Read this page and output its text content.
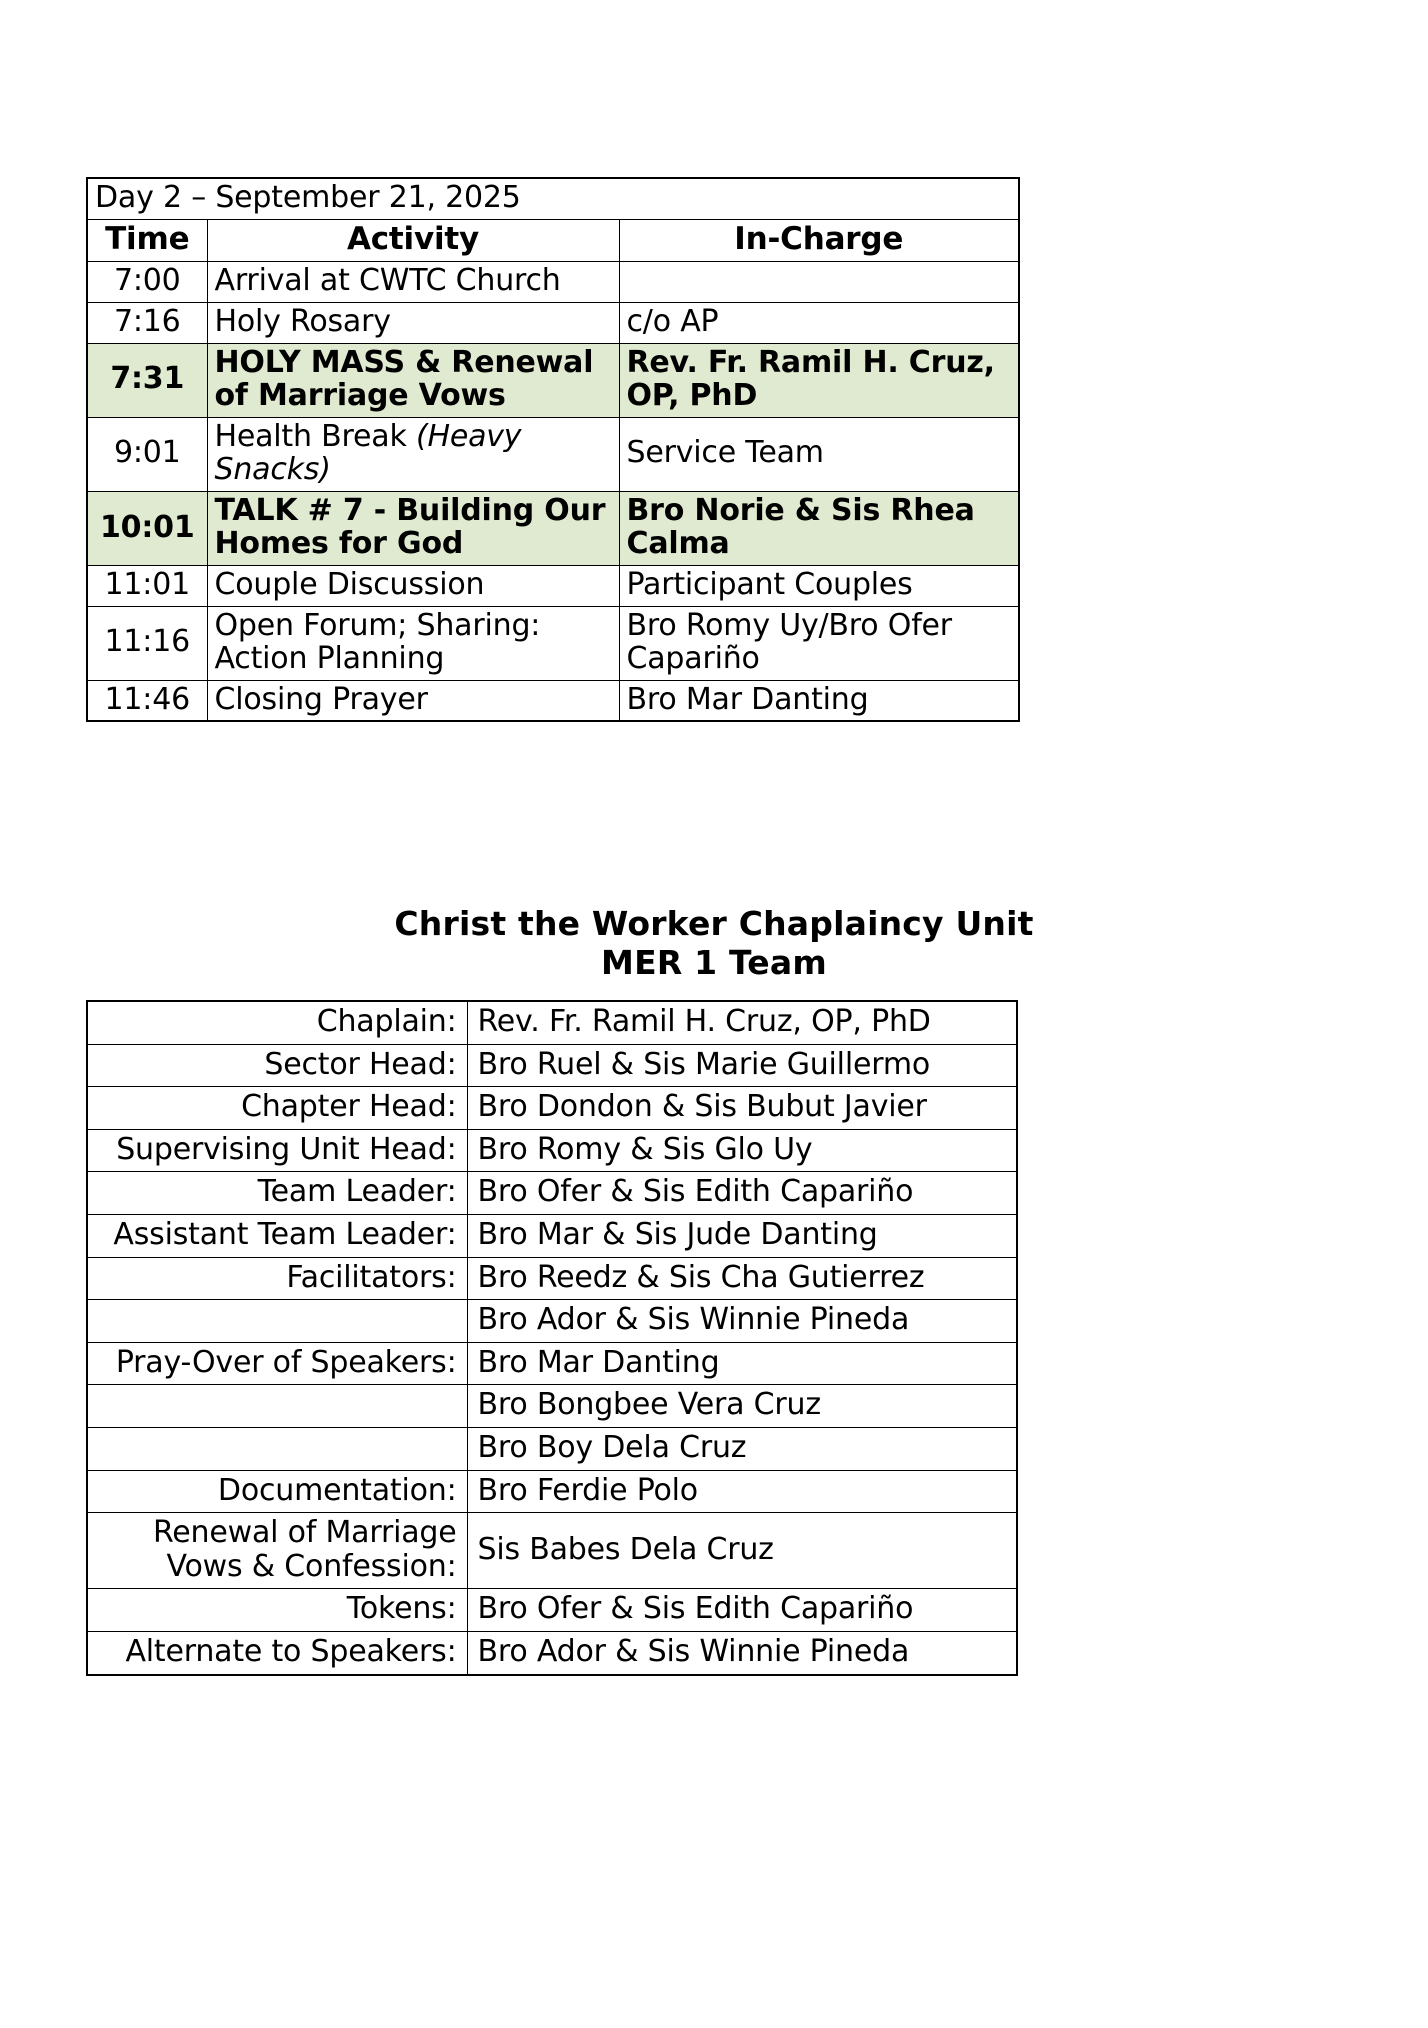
Day 2 – September 21, 2025		
Time	Activity	In-Charge
7:00	Arrival at CWTC Church	
7:16	Holy Rosary	c/o AP
7:31	HOLY MASS & Renewal of Marriage Vows	Rev. Fr. Ramil H. Cruz, OP, PhD
9:01	Health Break (Heavy Snacks)	Service Team
10:01	TALK # 7 - Building Our Homes for God	Bro Norie & Sis Rhea Calma
11:01	Couple Discussion	Participant Couples
11:16	Open Forum; Sharing: Action Planning	Bro Romy Uy/Bro Ofer Capariño
11:46	Closing Prayer	Bro Mar Danting
Christ the Worker Chaplaincy Unit
MER 1 Team
Chaplain:	Rev. Fr. Ramil H. Cruz, OP, PhD
Sector Head:	Bro Ruel & Sis Marie Guillermo
Chapter Head:	Bro Dondon & Sis Bubut Javier
Supervising Unit Head:	Bro Romy & Sis Glo Uy
Team Leader:	Bro Ofer & Sis Edith Capariño
Assistant Team Leader:	Bro Mar & Sis Jude Danting
Facilitators:	Bro Reedz & Sis Cha Gutierrez
	Bro Ador & Sis Winnie Pineda
Pray-Over of Speakers:	Bro Mar Danting
	Bro Bongbee Vera Cruz
	Bro Boy Dela Cruz
Documentation:	Bro Ferdie Polo
Renewal of Marriage Vows & Confession:	Sis Babes Dela Cruz
Tokens:	Bro Ofer & Sis Edith Capariño
Alternate to Speakers:	Bro Ador & Sis Winnie Pineda
